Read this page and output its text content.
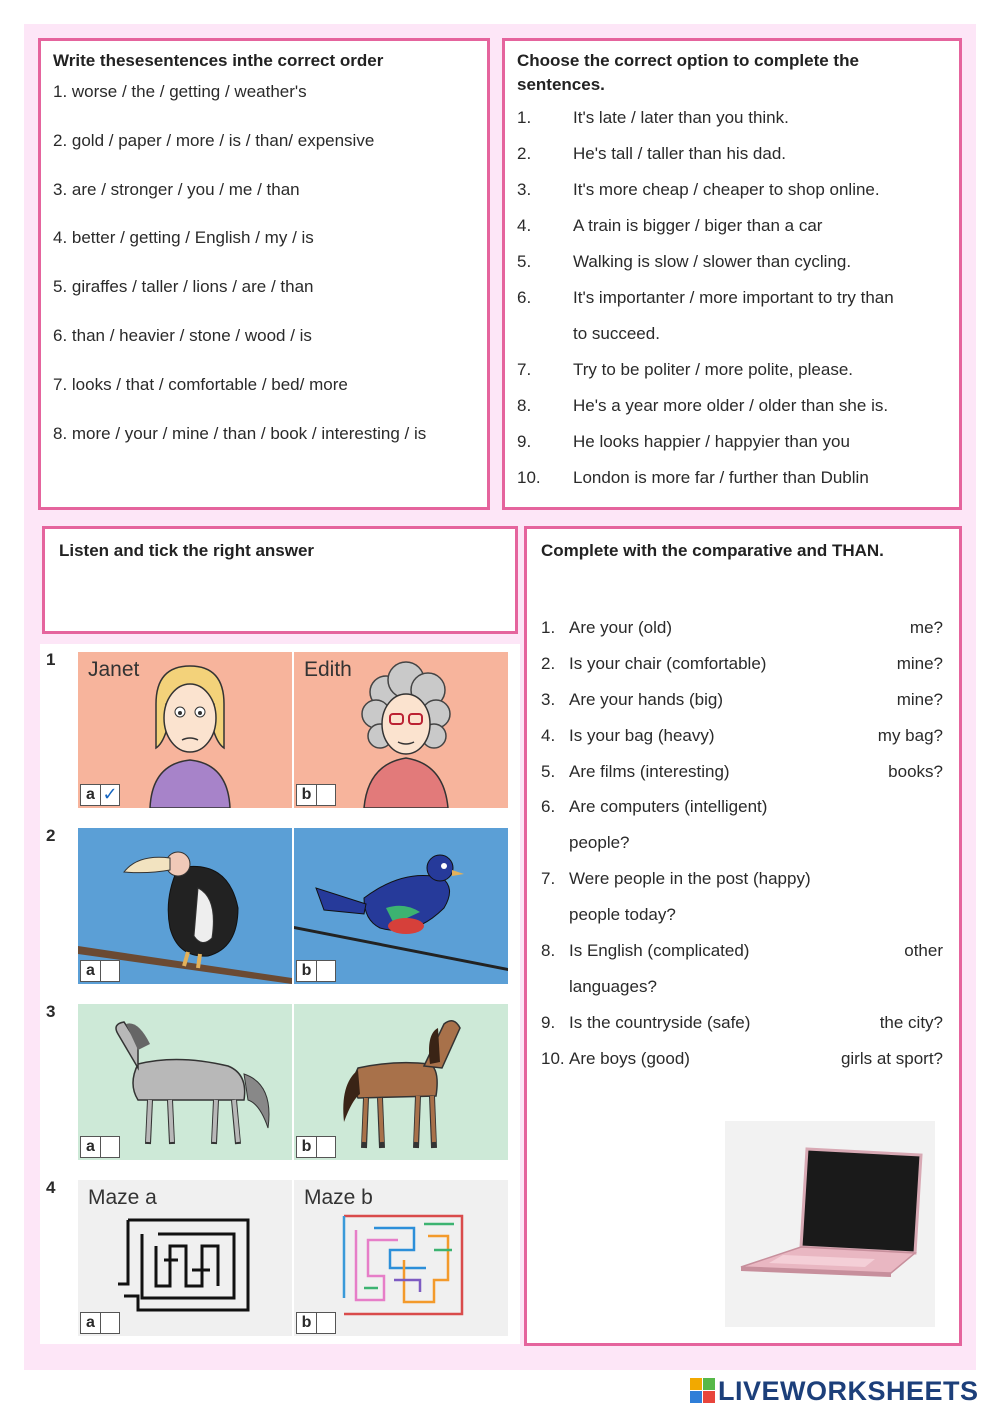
Write thesesentences inthe correct order
1. worse / the / getting / weather's
2. gold / paper / more / is / than/ expensive
3. are / stronger / you / me / than
4. better / getting / English / my / is
5. giraffes / taller / lions / are / than
6. than / heavier / stone / wood / is
7. looks / that / comfortable / bed/ more
8. more / your / mine / than / book / interesting / is
Choose the correct option to complete the
sentences.
1.	It's late / later than you think.
2.	He's tall / taller than his dad.
3.	It's more cheap / cheaper to shop online.
4.	A train is bigger / biger than a car
5.	Walking is slow / slower than cycling.
6.	It's importanter / more important to try than
to succeed.
7.	Try to be politer / more polite, please.
8.	He's a year more older / older than she is.
9.	He looks happier / happyier than you
10.	London is more far / further than Dublin
Listen and tick the right answer
1 Janet
a ✓
Edith
b
2
a	b
3
a	b
4 Maze a
a
Maze b
b
Complete with the comparative and THAN.
1. Are your (old)	me?
2. Is your chair (comfortable)	mine?
3. Are your hands (big)	mine?
4. Is your bag (heavy)	my bag?
5. Are films (interesting)	books?
6. Are computers (intelligent)
people?
7. Were people in the post (happy)
people today?
8. Is English (complicated)	other
languages?
9. Is the countryside (safe)	the city?
10. Are boys (good)	girls at sport?
LIVEWORKSHEETS
